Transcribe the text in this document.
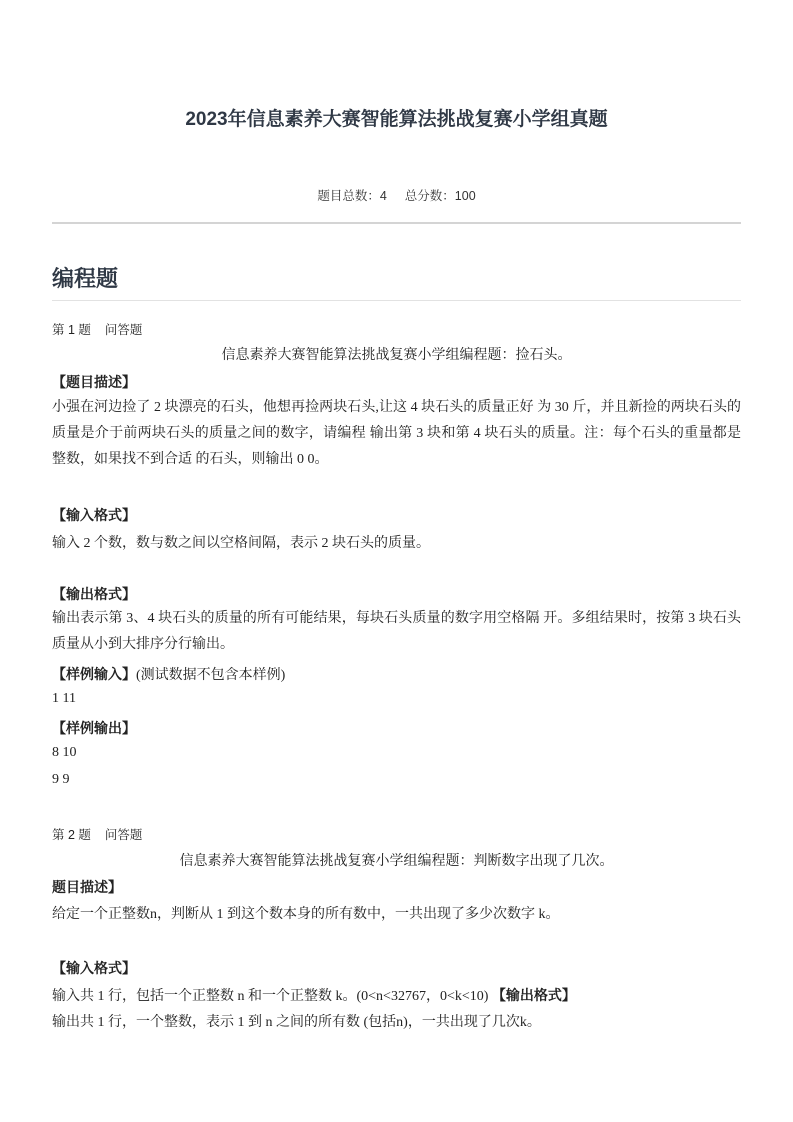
2023年信息素养大赛智能算法挑战复赛小学组真题
题目总数：4 总分数：100
编程题
第 1 题 问答题
信息素养大赛智能算法挑战复赛小学组编程题：捡石头。
【题目描述】
小强在河边捡了 2 块漂亮的石头，他想再捡两块石头,让这 4 块石头的质量正好 为 30 斤，并且新捡的两块石头的质量是介于前两块石头的质量之间的数字，请编程 输出第 3 块和第 4 块石头的质量。注：每个石头的重量都是整数，如果找不到合适 的石头，则输出 0 0。
【输入格式】
输入 2 个数，数与数之间以空格间隔，表示 2 块石头的质量。
【输出格式】
输出表示第 3、4 块石头的质量的所有可能结果，每块石头质量的数字用空格隔 开。多组结果时，按第 3 块石头质量从小到大排序分行输出。
【样例输入】(测试数据不包含本样例)
1 11
【样例输出】
8 10
9 9
第 2 题 问答题
信息素养大赛智能算法挑战复赛小学组编程题：判断数字出现了几次。
题目描述】
给定一个正整数n，判断从 1 到这个数本身的所有数中，一共出现了多少次数字 k。
【输入格式】
输入共 1 行，包括一个正整数 n 和一个正整数 k。(0<n<32767，0<k<10) 【输出格式】
输出共 1 行，一个整数，表示 1 到 n 之间的所有数 (包括n)，一共出现了几次k。
